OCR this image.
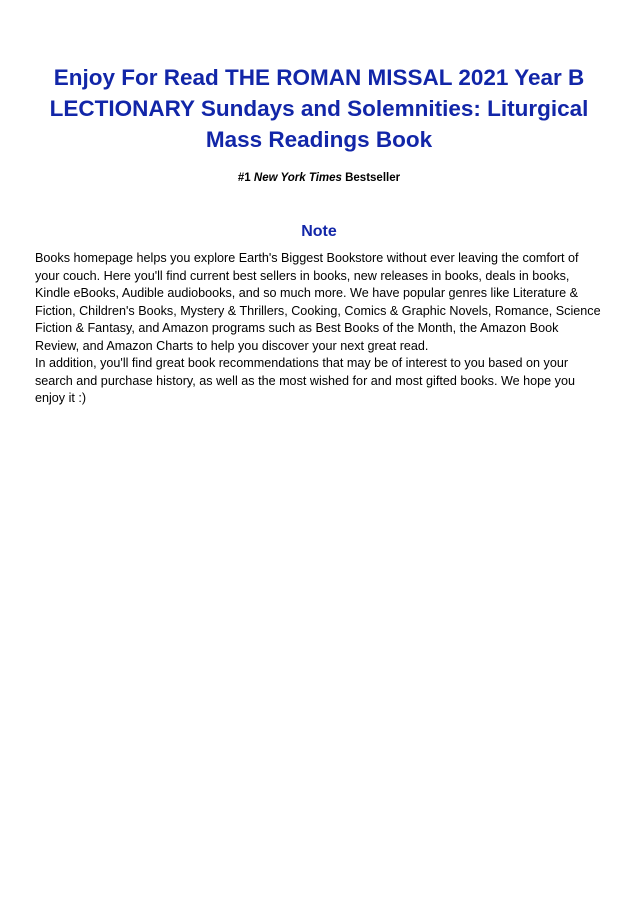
Enjoy For Read THE ROMAN MISSAL 2021 Year B LECTIONARY Sundays and Solemnities: Liturgical Mass Readings Book
#1 New York Times Bestseller
Note

Books homepage helps you explore Earth's Biggest Bookstore without ever leaving the comfort of your couch. Here you'll find current best sellers in books, new releases in books, deals in books, Kindle eBooks, Audible audiobooks, and so much more. We have popular genres like Literature & Fiction, Children's Books, Mystery & Thrillers, Cooking, Comics & Graphic Novels, Romance, Science Fiction & Fantasy, and Amazon programs such as Best Books of the Month, the Amazon Book Review, and Amazon Charts to help you discover your next great read.

In addition, you'll find great book recommendations that may be of interest to you based on your search and purchase history, as well as the most wished for and most gifted books. We hope you enjoy it :)
